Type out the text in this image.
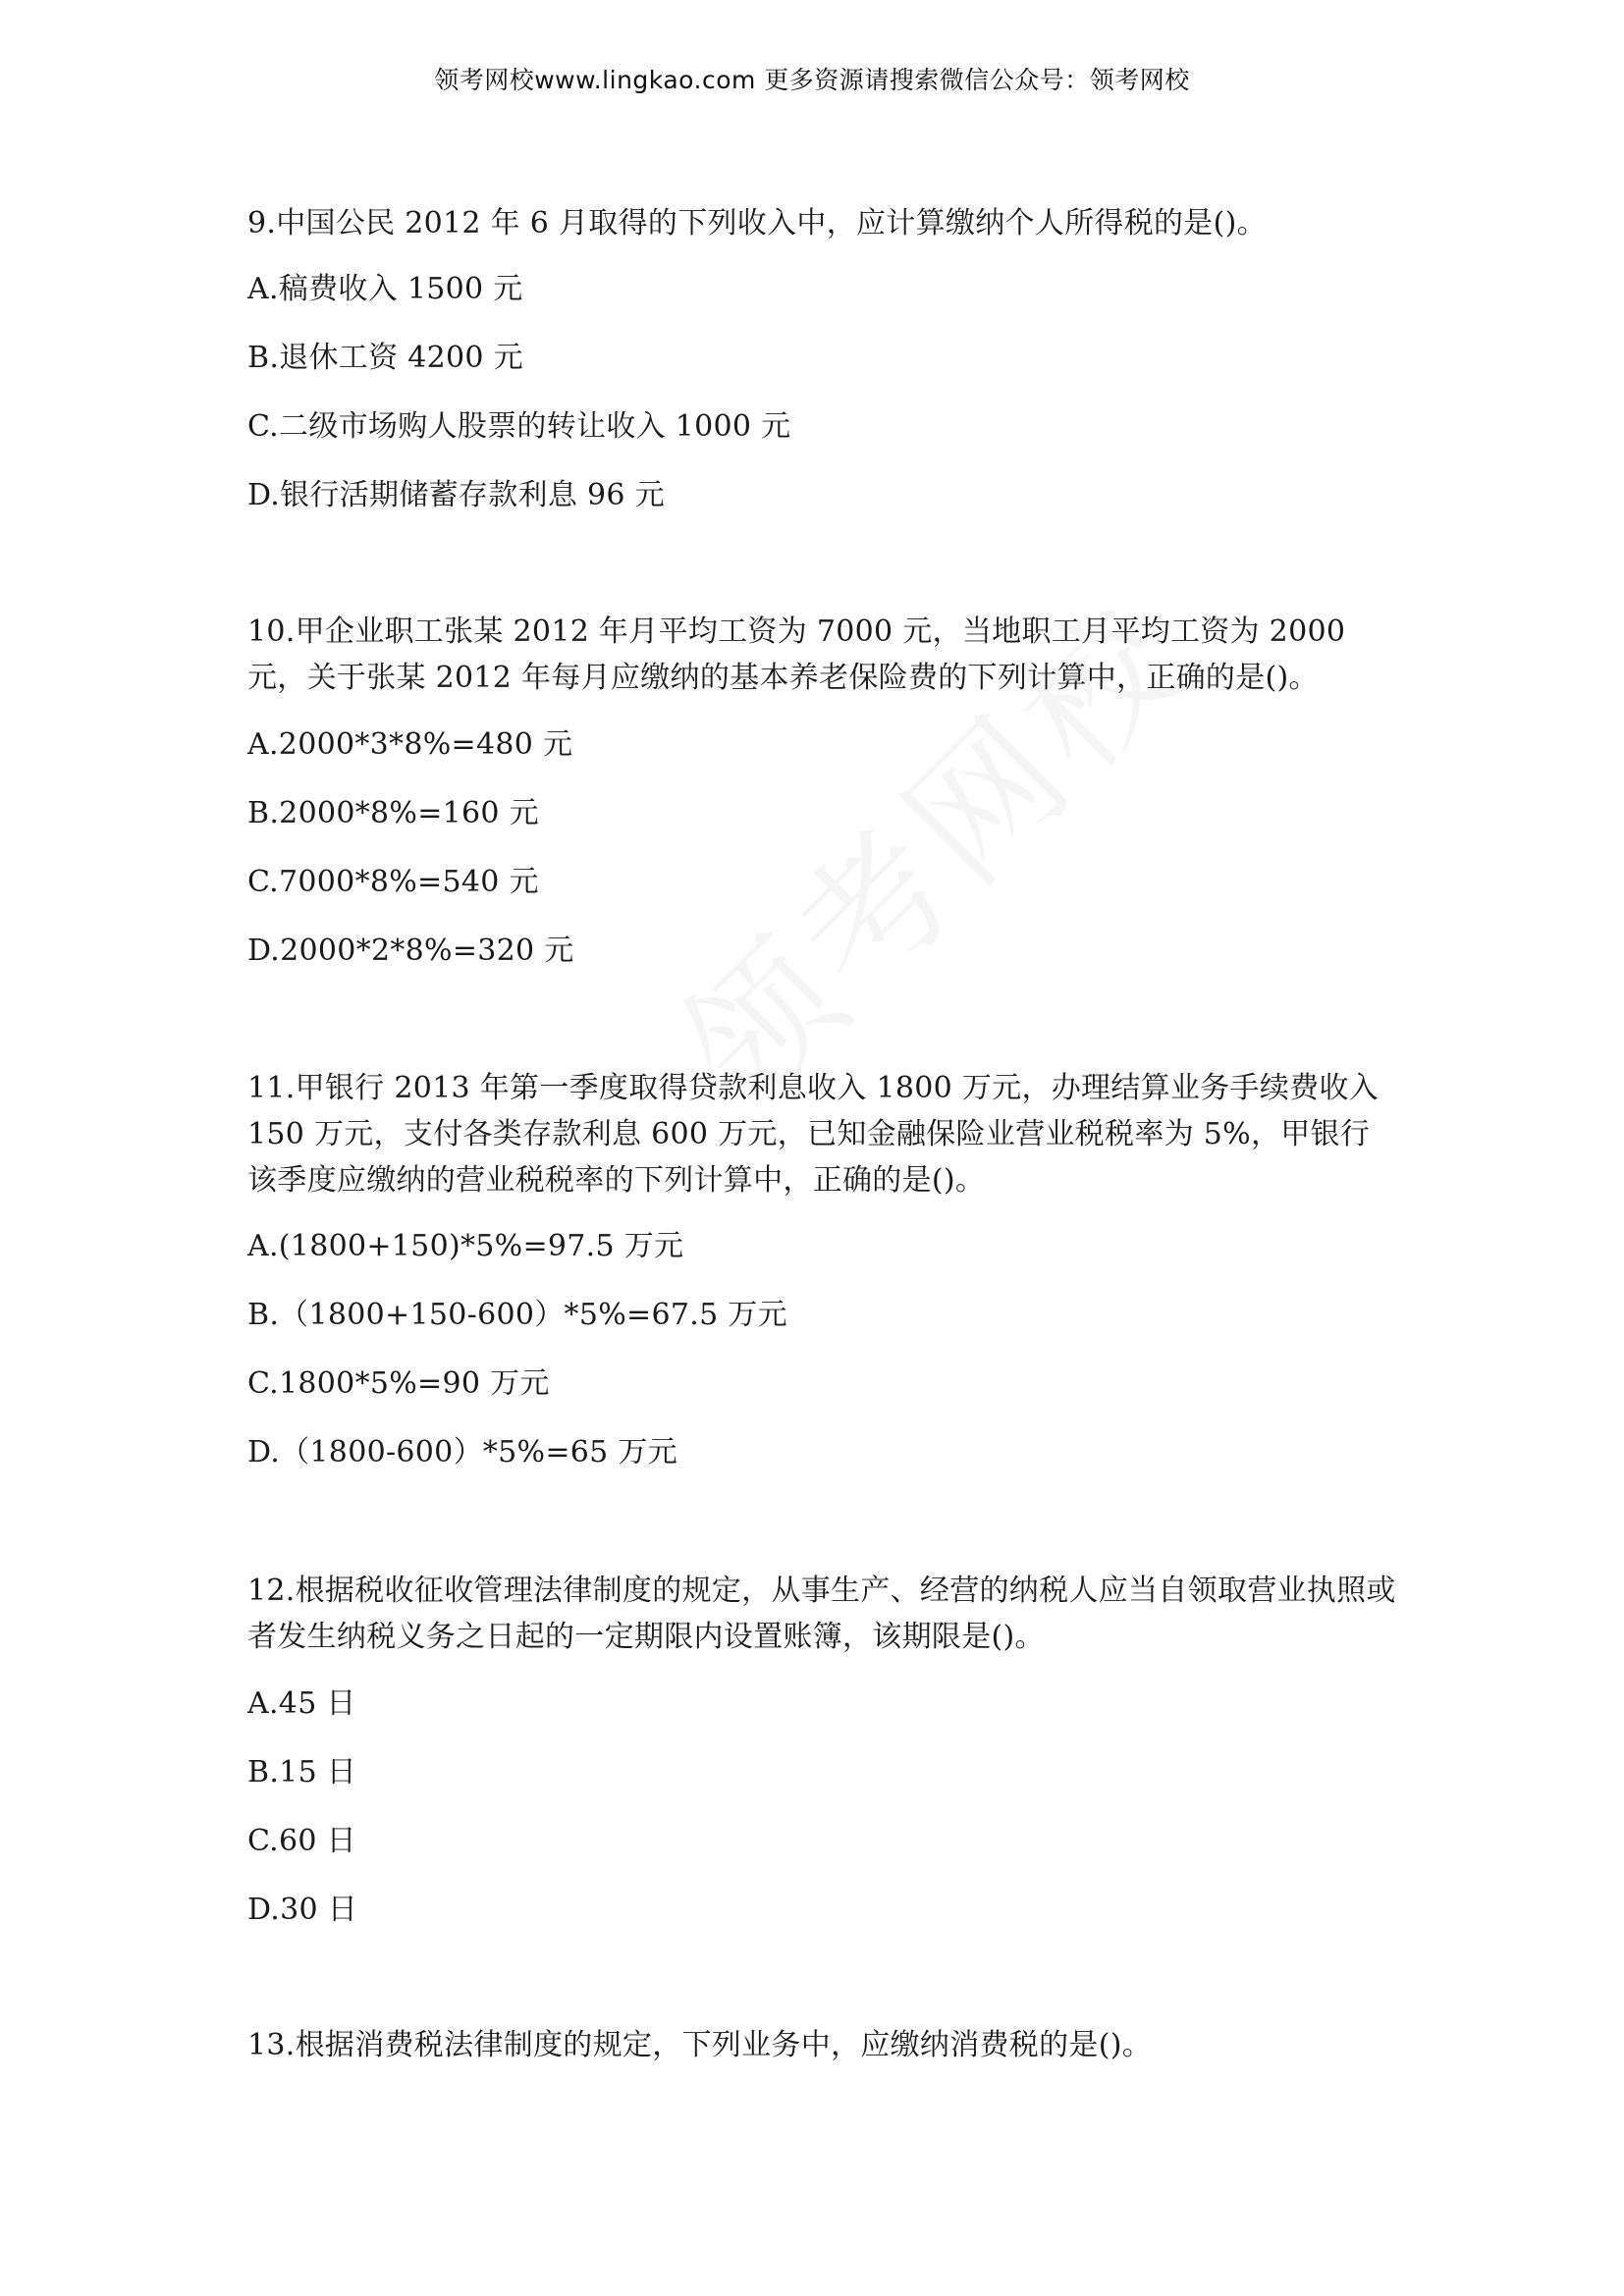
领考网校www.lingkao.com 更多资源请搜索微信公众号：领考网校
9.中国公民 2012 年 6 月取得的下列收入中，应计算缴纳个人所得税的是()。
A.稿费收入 1500 元
B.退休工资 4200 元
C.二级市场购人股票的转让收入 1000 元
D.银行活期储蓄存款利息 96 元
10.甲企业职工张某 2012 年月平均工资为 7000 元，当地职工月平均工资为 2000 元，关于张某 2012 年每月应缴纳的基本养老保险费的下列计算中，正确的是()。
A.2000*3*8%=480 元
B.2000*8%=160 元
C.7000*8%=540 元
D.2000*2*8%=320 元
11.甲银行 2013 年第一季度取得贷款利息收入 1800 万元，办理结算业务手续费收入 150 万元，支付各类存款利息 600 万元，已知金融保险业营业税税率为 5%，甲银行该季度应缴纳的营业税税率的下列计算中，正确的是()。
A.(1800+150)*5%=97.5 万元
B.（1800+150-600）*5%=67.5 万元
C.1800*5%=90 万元
D.（1800-600）*5%=65 万元
12.根据税收征收管理法律制度的规定，从事生产、经营的纳税人应当自领取营业执照或者发生纳税义务之日起的一定期限内设置账簿，该期限是()。
A.45 日
B.15 日
C.60 日
D.30 日
13.根据消费税法律制度的规定，下列业务中，应缴纳消费税的是()。
